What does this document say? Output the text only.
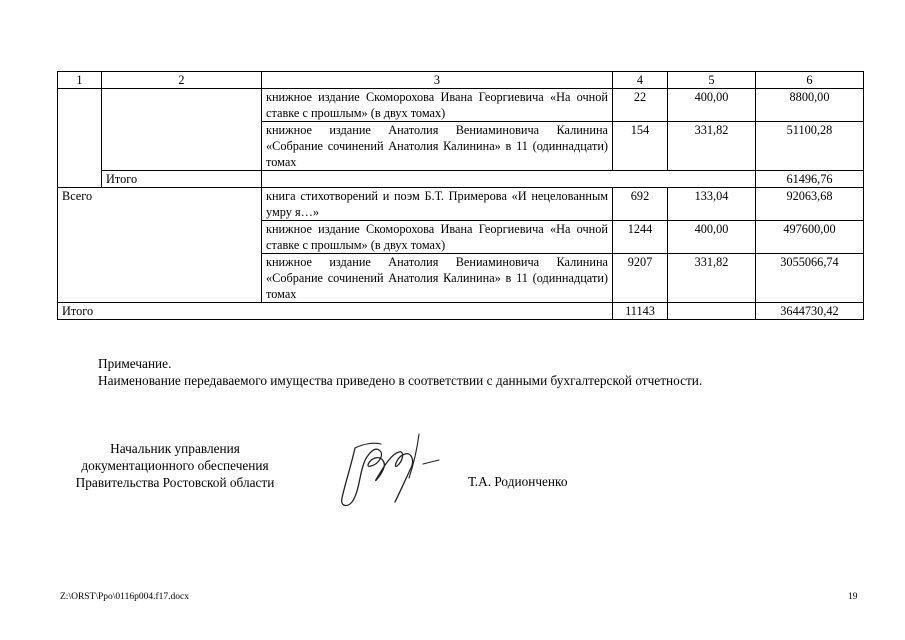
1	2	3	4	5	6
		книжное издание Скоморохова Ивана Георгиевича «На очной ставке с прошлым» (в двух томах)	22	400,00	8800,00
		книжное издание Анатолия Вениаминовича Калинина «Собрание сочинений Анатолия Калинина» в 11 (одиннадцати) томах	154	331,82	51100,28
	Итого				61496,76
Всего		книга стихотворений и поэм Б.Т. Примерова «И нецелованным умру я…»	692	133,04	92063,68
		книжное издание Скоморохова Ивана Георгиевича «На очной ставке с прошлым» (в двух томах)	1244	400,00	497600,00
		книжное издание Анатолия Вениаминовича Калинина «Собрание сочинений Анатолия Калинина» в 11 (одиннадцати) томах	9207	331,82	3055066,74
Итого			11143		3644730,42
Примечание.
Наименование передаваемого имущества приведено в соответствии с данными бухгалтерской отчетности.
Начальник управления
документационного обеспечения
Правительства Ростовской области	Т.А. Родионченко
Z:\ORST\Ppo\0116p004.f17.docx	19
